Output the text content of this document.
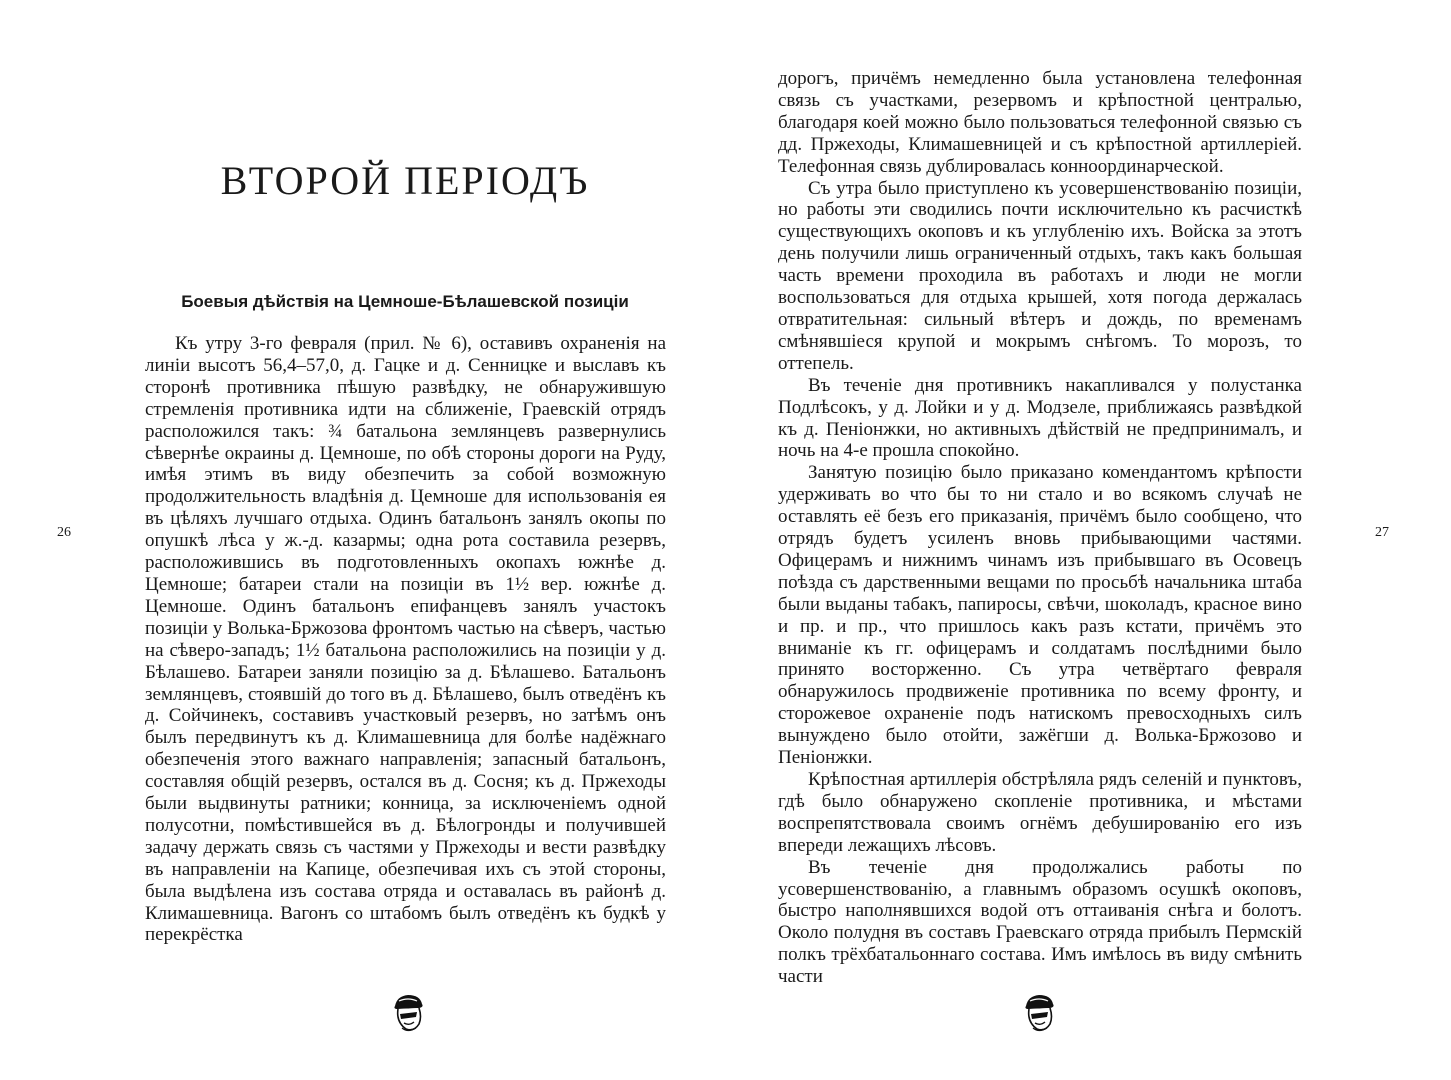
ВТОРОЙ ПЕРІОДЪ
Боевыя дѣйствія на Цемноше-Бѣлашевской позиціи

Къ утру 3-го февраля (прил. № 6), оставивъ охраненія на линіи высотъ 56,4–57,0, д. Гацке и д. Сенницке и выславъ къ сторонѣ противника пѣшую развѣдку, не обнаружившую стремленія противника идти на сближеніе, Граевскій отрядъ расположился такъ: ¾ батальона землянцевъ развернулись сѣвернѣе окраины д. Цемноше, по обѣ стороны дороги на Руду, имѣя этимъ въ виду обезпечить за собой возможную продолжительность владѣнія д. Цемноше для использованія ея въ цѣляхъ лучшаго отдыха. Одинъ батальонъ занялъ окопы по опушкѣ лѣса у ж.-д. казармы; одна рота составила резервъ, расположившись въ подготовленныхъ окопахъ южнѣе д. Цемноше; батареи стали на позиціи въ 1½ вер. южнѣе д. Цемноше. Одинъ батальонъ епифанцевъ занялъ участокъ позиціи у Волька-Бржозова фронтомъ частью на сѣверъ, частью на сѣверо-западъ; 1½ батальона расположились на позиціи у д. Бѣлашево. Батареи заняли позицію за д. Бѣлашево. Батальонъ землянцевъ, стоявшій до того въ д. Бѣлашево, былъ отведёнъ къ д. Сойчинекъ, составивъ участковый резервъ, но затѣмъ онъ былъ передвинутъ къ д. Климашевница для болѣе надёжнаго обезпеченія этого важнаго направленія; запасный батальонъ, составляя общій резервъ, остался въ д. Сосня; къ д. Пржеходы были выдвинуты ратники; конница, за исключеніемъ одной полусотни, помѣстившейся въ д. Бѣлогронды и получившей задачу держать связь съ частями у Пржеходы и вести развѣдку въ направленіи на Капице, обезпечивая ихъ съ этой стороны, была выдѣлена изъ состава отряда и оставалась въ районѣ д. Климашевница. Вагонъ со штабомъ былъ отведёнъ къ будкѣ у перекрёстка

26

дорогъ, причёмъ немедленно была установлена телефонная связь съ участками, резервомъ и крѣпостной централью, благодаря коей можно было пользоваться телефонной связью съ дд. Пржеходы, Климашевницей и съ крѣпостной артиллеріей. Телефонная связь дублировалась конноординарческой.

Съ утра было приступлено къ усовершенствованію позиціи, но работы эти сводились почти исключительно къ расчисткѣ существующихъ окоповъ и къ углубленію ихъ. Войска за этотъ день получили лишь ограниченный отдыхъ, такъ какъ большая часть времени проходила въ работахъ и люди не могли воспользоваться для отдыха крышей, хотя погода держалась отвратительная: сильный вѣтеръ и дождь, по временамъ смѣнявшіеся крупой и мокрымъ снѣгомъ. То морозъ, то оттепель.

Въ теченіе дня противникъ накапливался у полустанка Подлѣсокъ, у д. Лойки и у д. Модзеле, приближаясь развѣдкой къ д. Пеніонжки, но активныхъ дѣйствій не предпринималъ, и ночь на 4-е прошла спокойно.

Занятую позицію было приказано комендантомъ крѣпости удерживать во что бы то ни стало и во всякомъ случаѣ не оставлять её безъ его приказанія, причёмъ было сообщено, что отрядъ будетъ усиленъ вновь прибывающими частями. Офицерамъ и нижнимъ чинамъ изъ прибывшаго въ Осовецъ поѣзда съ дарственными вещами по просьбѣ начальника штаба были выданы табакъ, папиросы, свѣчи, шоколадъ, красное вино и пр. и пр., что пришлось какъ разъ кстати, причёмъ это вниманіе къ гг. офицерамъ и солдатамъ послѣдними было принято восторженно. Съ утра четвёртаго февраля обнаружилось продвиженіе противника по всему фронту, и сторожевое охраненіе подъ натискомъ превосходныхъ силъ вынуждено было отойти, зажёгши д. Волька-Бржозово и Пеніонжки.

Крѣпостная артиллерія обстрѣляла рядъ селеній и пунктовъ, гдѣ было обнаружено скопленіе противника, и мѣстами воспрепятствовала своимъ огнёмъ дебушированію его изъ впереди лежащихъ лѣсовъ.

Въ теченіе дня продолжались работы по усовершенствованію, а главнымъ образомъ осушкѣ окоповъ, быстро наполнявшихся водой отъ оттаиванія снѣга и болотъ. Около полудня въ составъ Граевскаго отряда прибылъ Пермскій полкъ трёхбатальоннаго состава. Имъ имѣлось въ виду смѣнить части

27
